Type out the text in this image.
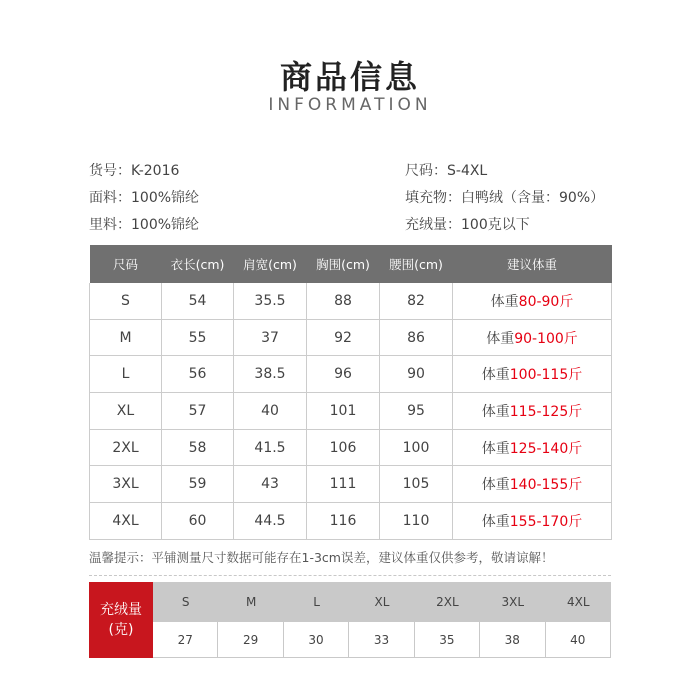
商品信息
INFORMATION
货号：K-2016	尺码：S-4XL
面料：100%锦纶	填充物：白鸭绒（含量：90%）
里料：100%锦纶	充绒量：100克以下
尺码	衣长(cm)	肩宽(cm)	胸围(cm)	腰围(cm)	建议体重
S	54	35.5	88	82	体重80-90斤
M	55	37	92	86	体重90-100斤
L	56	38.5	96	90	体重100-115斤
XL	57	40	101	95	体重115-125斤
2XL	58	41.5	106	100	体重125-140斤
3XL	59	43	111	105	体重140-155斤
4XL	60	44.5	116	110	体重155-170斤
温馨提示：平铺测量尺寸数据可能存在1-3cm误差，建议体重仅供参考，敬请谅解！
充绒量
(克)
S	M	L	XL	2XL	3XL	4XL
27	29	30	33	35	38	40
